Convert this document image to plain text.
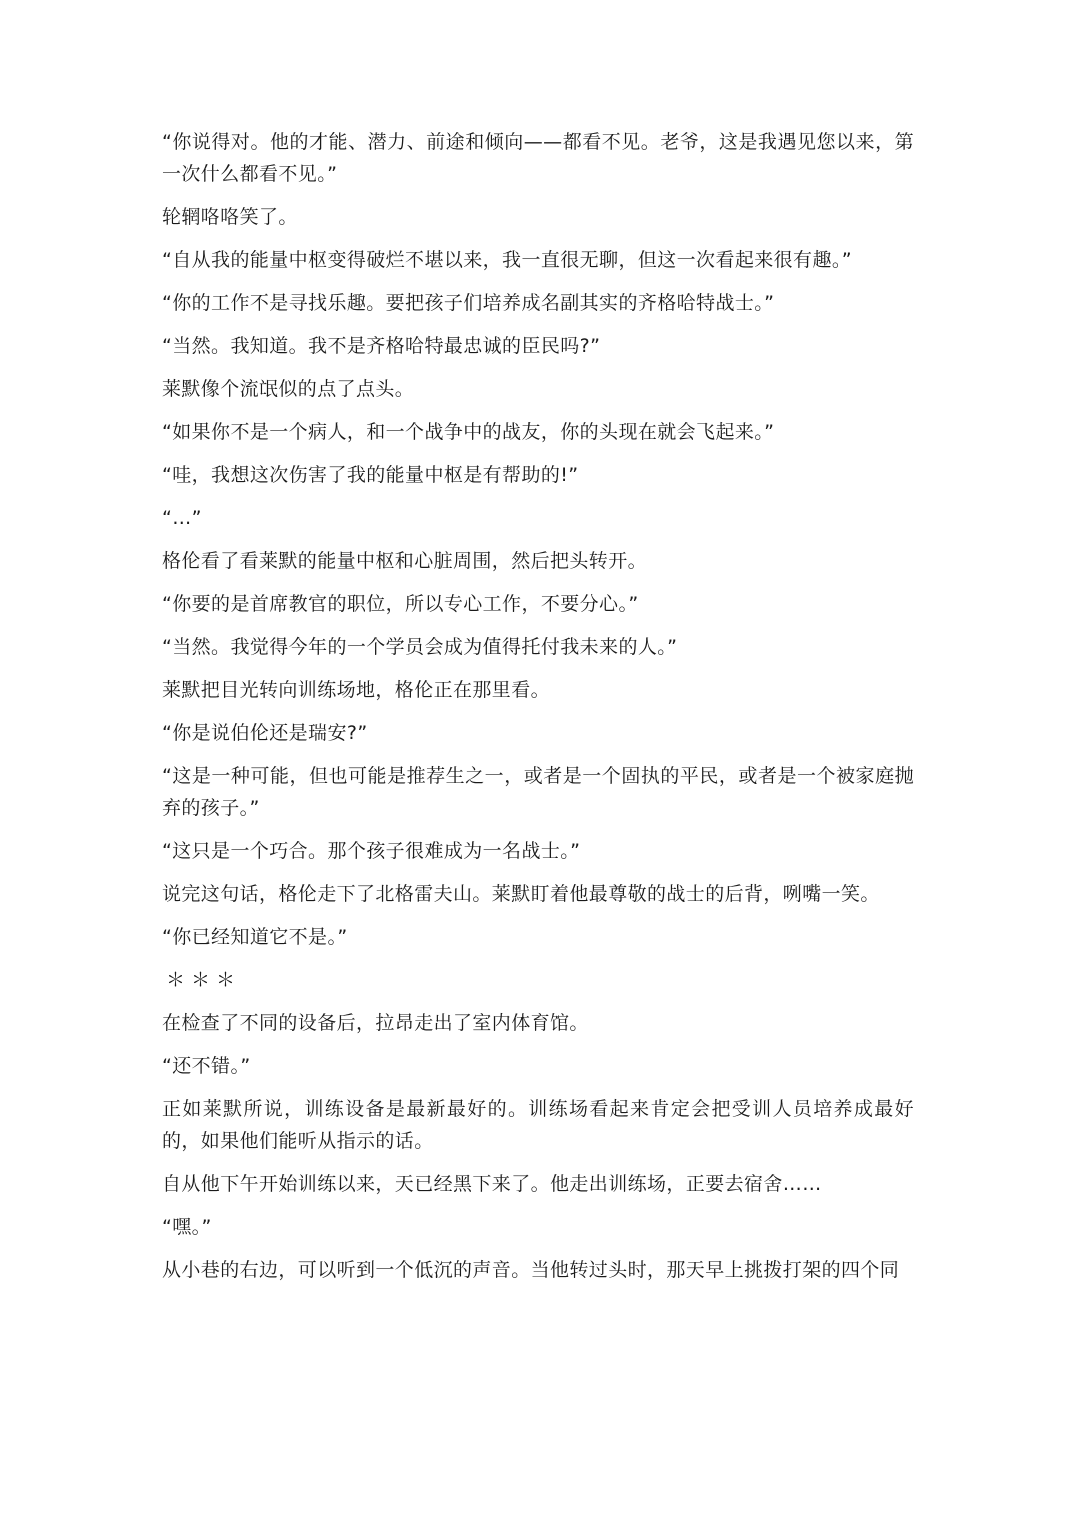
“你说得对。他的才能、潜力、前途和倾向——都看不见。老爷，这是我遇见您以来，第一次什么都看不见。”

轮辋咯咯笑了。

“自从我的能量中枢变得破烂不堪以来，我一直很无聊，但这一次看起来很有趣。”

“你的工作不是寻找乐趣。要把孩子们培养成名副其实的齐格哈特战士。”

“当然。我知道。我不是齐格哈特最忠诚的臣民吗?”

莱默像个流氓似的点了点头。

“如果你不是一个病人，和一个战争中的战友，你的头现在就会飞起来。”

“哇，我想这次伤害了我的能量中枢是有帮助的!”

“…”

格伦看了看莱默的能量中枢和心脏周围，然后把头转开。

“你要的是首席教官的职位，所以专心工作，不要分心。”

“当然。我觉得今年的一个学员会成为值得托付我未来的人。”

莱默把目光转向训练场地，格伦正在那里看。

“你是说伯伦还是瑞安?”

“这是一种可能，但也可能是推荐生之一，或者是一个固执的平民，或者是一个被家庭抛弃的孩子。”

“这只是一个巧合。那个孩子很难成为一名战士。”

说完这句话，格伦走下了北格雷夫山。莱默盯着他最尊敬的战士的后背，咧嘴一笑。

“你已经知道它不是。”

＊＊＊

在检查了不同的设备后，拉昂走出了室内体育馆。

“还不错。”

正如莱默所说，训练设备是最新最好的。训练场看起来肯定会把受训人员培养成最好的，如果他们能听从指示的话。

自从他下午开始训练以来，天已经黑下来了。他走出训练场，正要去宿舍……

“嘿。”

从小巷的右边，可以听到一个低沉的声音。当他转过头时，那天早上挑拨打架的四个同
